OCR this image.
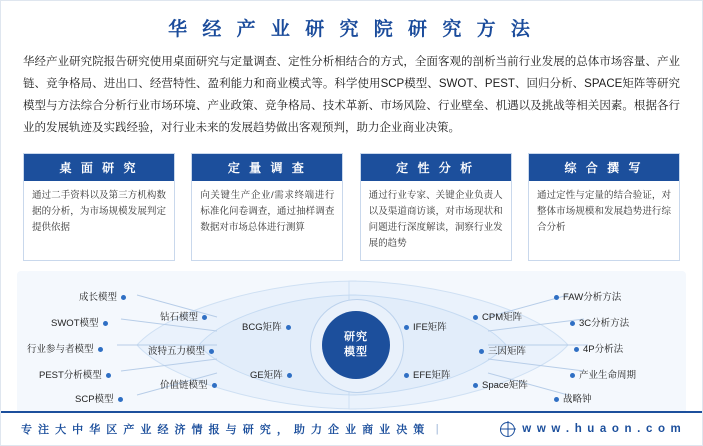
华 经 产 业 研 究 院 研 究 方 法
华经产业研究院报告研究使用桌面研究与定量调查、定性分析相结合的方式，全面客观的剖析当前行业发展的总体市场容量、产业链、竞争格局、进出口、经营特性、盈利能力和商业模式等。科学使用SCP模型、SWOT、PEST、回归分析、SPACE矩阵等研究模型与方法综合分析行业市场环境、产业政策、竞争格局、技术革新、市场风险、行业壁垒、机遇以及挑战等相关因素。根据各行业的发展轨迹及实践经验，对行业未来的发展趋势做出客观预判，助力企业商业决策。
桌 面 研 究
通过二手资料以及第三方机构数据的分析，为市场规模发展判定提供依据
定 量 调 查
向关键生产企业/需求终端进行标准化问卷调查，通过抽样调查数据对市场总体进行测算
定 性 分 析
通过行业专家、关键企业负责人以及渠道商访谈，对市场现状和问题进行深度解读，洞察行业发展的趋势
综 合 撰 写
通过定性与定量的结合验证，对整体市场规模和发展趋势进行综合分析
研究
模型
成长模型
SWOT模型
行业参与者模型
PEST分析模型
SCP模型
钻石模型
波特五力模型
价值链模型
BCG矩阵
GE矩阵
IFE矩阵
EFE矩阵
CPM矩阵
三因矩阵
Space矩阵
FAW分析方法
3C分析方法
4P分析法
产业生命周期
战略钟
专 注 大 中 华 区 产 业 经 济 情 报 与 研 究 ， 助 力 企 业 商 业 决 策 |	w w w . h u a o n . c o m
